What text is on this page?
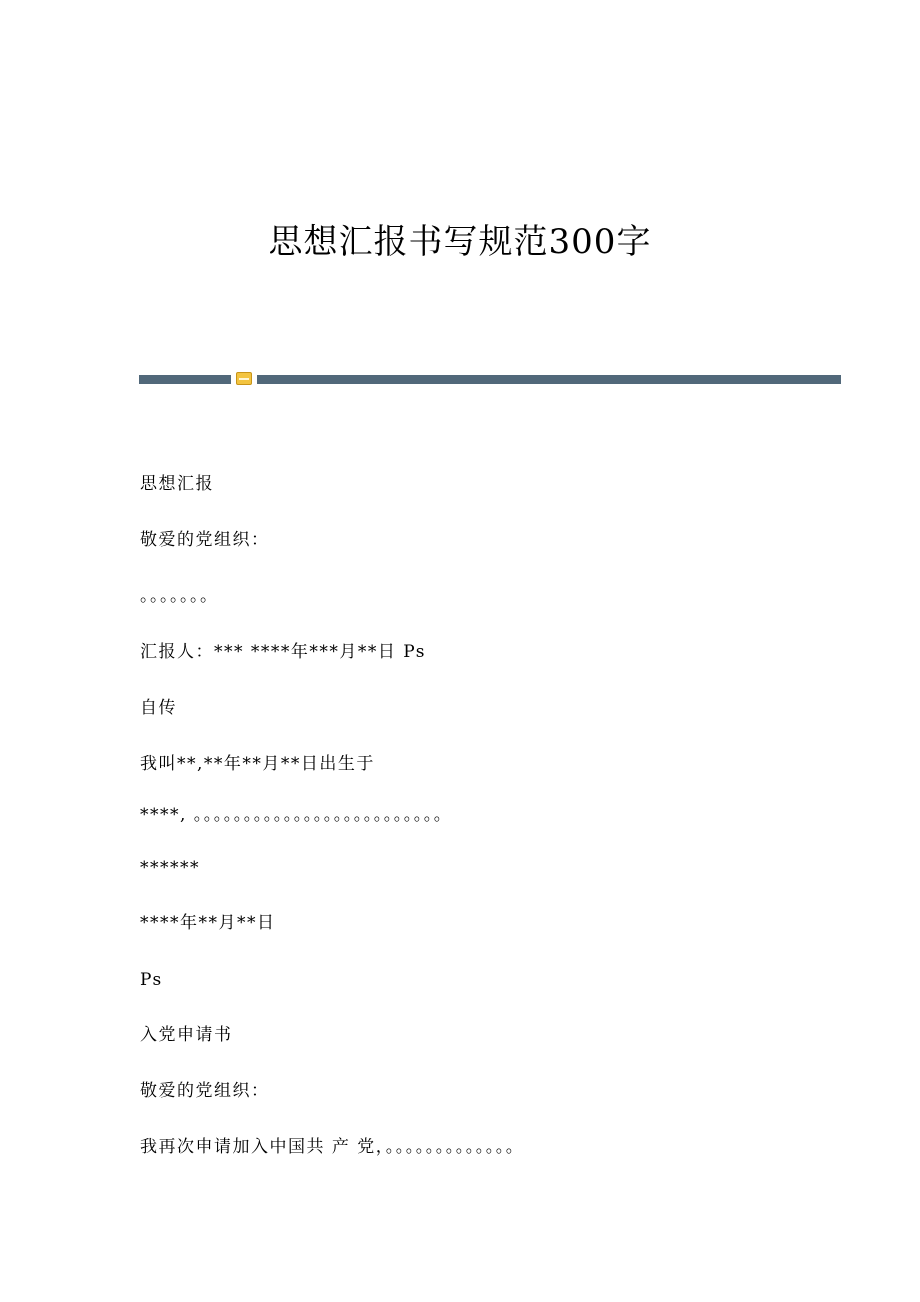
思想汇报书写规范300字
思想汇报
敬爱的党组织：
。。。。。。。
汇报人：*** ****年***月**日 Ps
自传
我叫**,**年**月**日出生于
****, 。。。。。。。。。。。。。。。。。。。。。。。。。
******
****年**月**日
Ps
入党申请书
敬爱的党组织：
我再次申请加入中国共 产 党，。。。。。。。。。。。。。
